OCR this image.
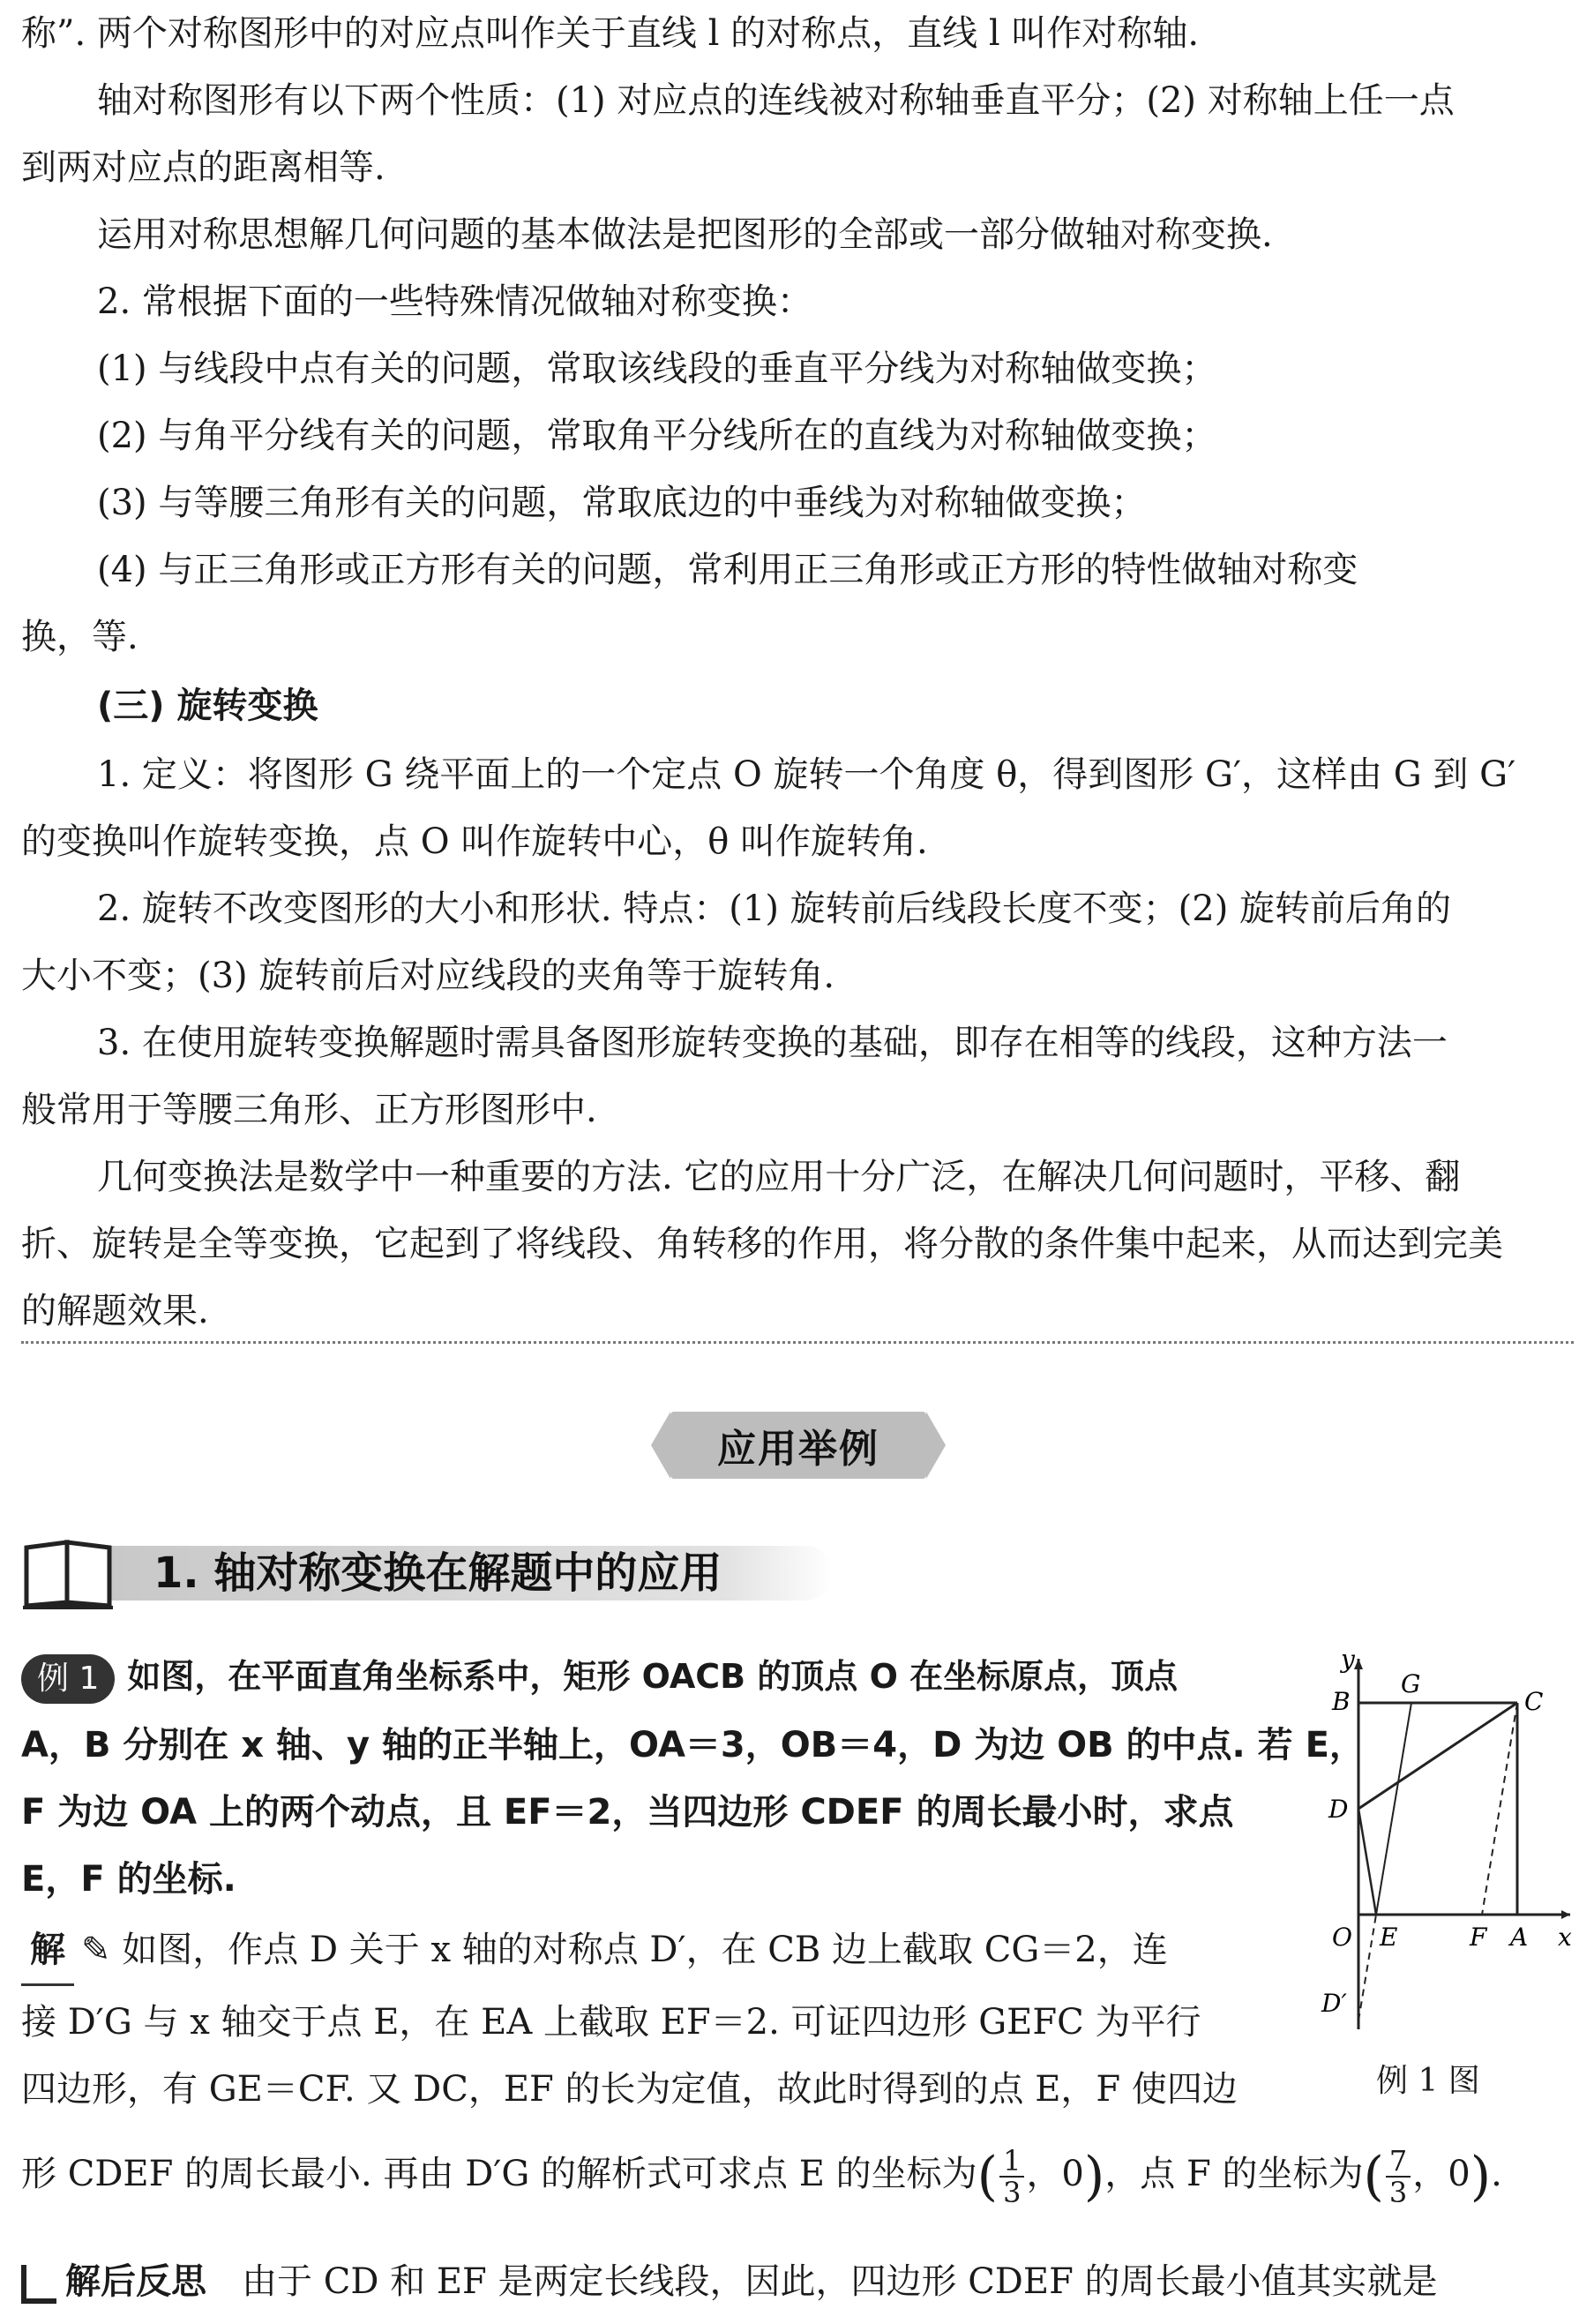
称”. 两个对称图形中的对应点叫作关于直线 l 的对称点，直线 l 叫作对称轴.

轴对称图形有以下两个性质：(1) 对应点的连线被对称轴垂直平分；(2) 对称轴上任一点

到两对应点的距离相等.

运用对称思想解几何问题的基本做法是把图形的全部或一部分做轴对称变换.

2. 常根据下面的一些特殊情况做轴对称变换：

(1) 与线段中点有关的问题，常取该线段的垂直平分线为对称轴做变换；

(2) 与角平分线有关的问题，常取角平分线所在的直线为对称轴做变换；

(3) 与等腰三角形有关的问题，常取底边的中垂线为对称轴做变换；

(4) 与正三角形或正方形有关的问题，常利用正三角形或正方形的特性做轴对称变

换，等.

(三) 旋转变换

1. 定义：将图形 G 绕平面上的一个定点 O 旋转一个角度 θ，得到图形 G′，这样由 G 到 G′

的变换叫作旋转变换，点 O 叫作旋转中心，θ 叫作旋转角.

2. 旋转不改变图形的大小和形状. 特点：(1) 旋转前后线段长度不变；(2) 旋转前后角的

大小不变；(3) 旋转前后对应线段的夹角等于旋转角.

3. 在使用旋转变换解题时需具备图形旋转变换的基础，即存在相等的线段，这种方法一

般常用于等腰三角形、正方形图形中.

几何变换法是数学中一种重要的方法. 它的应用十分广泛，在解决几何问题时，平移、翻

折、旋转是全等变换，它起到了将线段、角转移的作用，将分散的条件集中起来，从而达到完美

的解题效果.

应用举例
1. 轴对称变换在解题中的应用

例 1 如图，在平面直角坐标系中，矩形 OACB 的顶点 O 在坐标原点，顶点

A，B 分别在 x 轴、y 轴的正半轴上，OA＝3，OB＝4，D 为边 OB 的中点. 若 E，

F 为边 OA 上的两个动点，且 EF＝2，当四边形 CDEF 的周长最小时，求点

E，F 的坐标.

解 ✎ 如图，作点 D 关于 x 轴的对称点 D′，在 CB 边上截取 CG＝2，连

接 D′G 与 x 轴交于点 E，在 EA 上截取 EF＝2. 可证四边形 GEFC 为平行

四边形，有 GE＝CF. 又 DC，EF 的长为定值，故此时得到的点 E，F 使四边

形 CDEF 的周长最小. 再由 D′G 的解析式可求点 E 的坐标为( $\frac{1}{3}$ ，0)，点 F 的坐标为( $\frac{7}{3}$ ，0).

解后反思 由于 CD 和 EF 是两定长线段，因此，四边形 CDEF 的周长最小值其实就是

y
B
G
C
D
O E	F A x
D′
例 1 图
